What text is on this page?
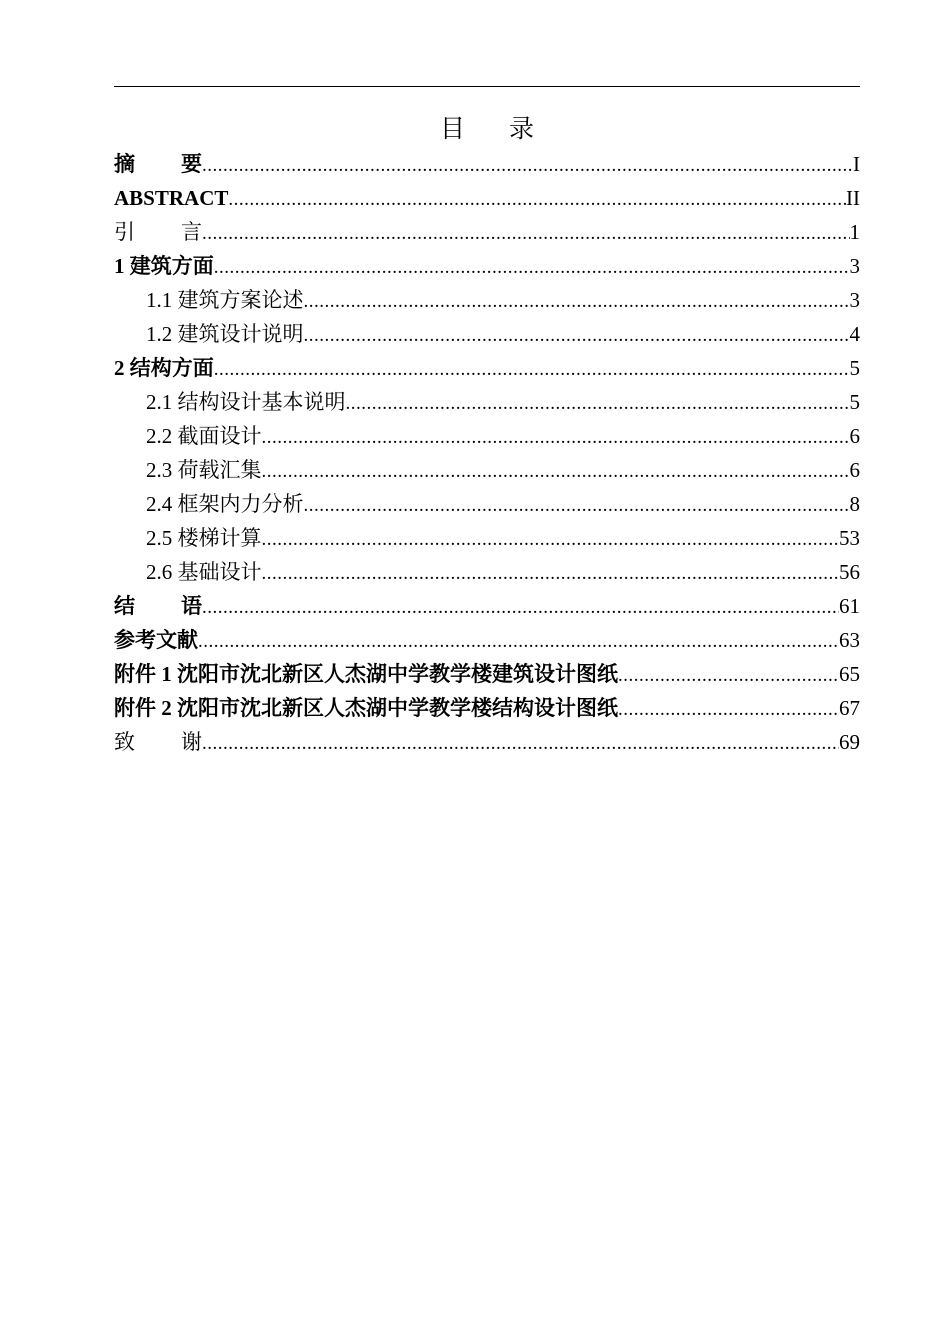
目 录
摘 要 .....	I
ABSTRACT .....	II
引 言 .....	1
1 建筑方面 .....	3
1.1 建筑方案论述 .....	3
1.2 建筑设计说明 .....	4
2 结构方面 .....	5
2.1 结构设计基本说明 .....	5
2.2 截面设计 .....	6
2.3 荷载汇集 .....	6
2.4 框架内力分析 .....	8
2.5 楼梯计算 .....	53
2.6 基础设计 .....	56
结 语 .....	61
参考文献 .....	63
附件 1 沈阳市沈北新区人杰湖中学教学楼建筑设计图纸 .....	65
附件 2 沈阳市沈北新区人杰湖中学教学楼结构设计图纸 .....	67
致 谢 .....	69
